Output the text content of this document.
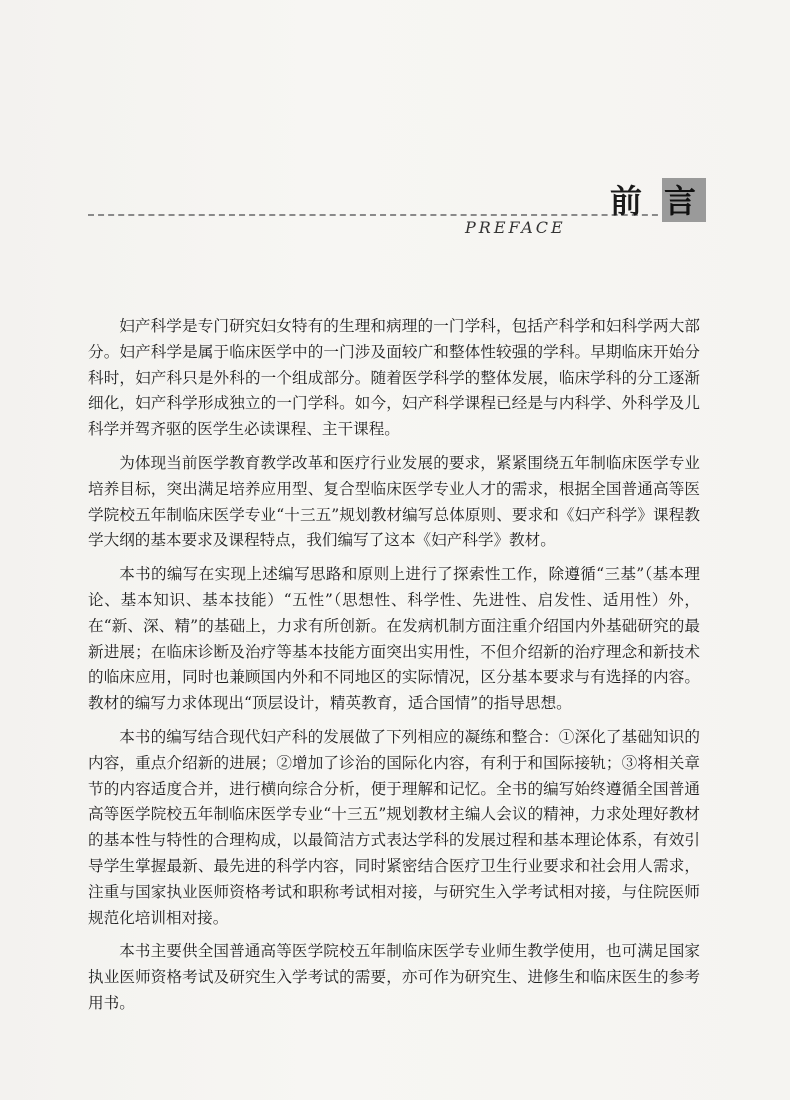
前 言
PREFACE

妇产科学是专门研究妇女特有的生理和病理的一门学科，包括产科学和妇科学两大部分。妇产科学是属于临床医学中的一门涉及面较广和整体性较强的学科。早期临床开始分科时，妇产科只是外科的一个组成部分。随着医学科学的整体发展，临床学科的分工逐渐细化，妇产科学形成独立的一门学科。如今，妇产科学课程已经是与内科学、外科学及儿科学并驾齐驱的医学生必读课程、主干课程。

为体现当前医学教育教学改革和医疗行业发展的要求，紧紧围绕五年制临床医学专业培养目标，突出满足培养应用型、复合型临床医学专业人才的需求，根据全国普通高等医学院校五年制临床医学专业“十三五”规划教材编写总体原则、要求和《妇产科学》课程教学大纲的基本要求及课程特点，我们编写了这本《妇产科学》教材。

本书的编写在实现上述编写思路和原则上进行了探索性工作，除遵循“三基”（基本理论、基本知识、基本技能）“五性”（思想性、科学性、先进性、启发性、适用性）外，在“新、深、精”的基础上，力求有所创新。在发病机制方面注重介绍国内外基础研究的最新进展；在临床诊断及治疗等基本技能方面突出实用性，不但介绍新的治疗理念和新技术的临床应用，同时也兼顾国内外和不同地区的实际情况，区分基本要求与有选择的内容。教材的编写力求体现出“顶层设计，精英教育，适合国情”的指导思想。

本书的编写结合现代妇产科的发展做了下列相应的凝练和整合：①深化了基础知识的内容，重点介绍新的进展；②增加了诊治的国际化内容，有利于和国际接轨；③将相关章节的内容适度合并，进行横向综合分析，便于理解和记忆。全书的编写始终遵循全国普通高等医学院校五年制临床医学专业“十三五”规划教材主编人会议的精神，力求处理好教材的基本性与特性的合理构成，以最简洁方式表达学科的发展过程和基本理论体系，有效引导学生掌握最新、最先进的科学内容，同时紧密结合医疗卫生行业要求和社会用人需求，注重与国家执业医师资格考试和职称考试相对接，与研究生入学考试相对接，与住院医师规范化培训相对接。

本书主要供全国普通高等医学院校五年制临床医学专业师生教学使用，也可满足国家执业医师资格考试及研究生入学考试的需要，亦可作为研究生、进修生和临床医生的参考用书。
